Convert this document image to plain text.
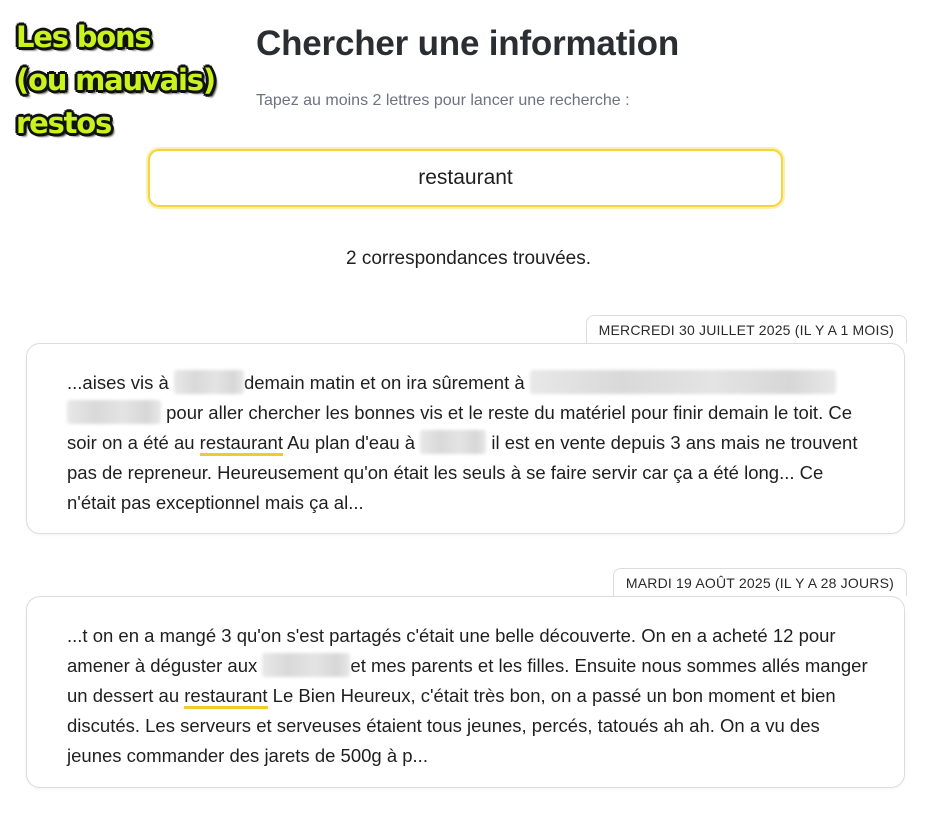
Les bons
(ou mauvais)
restos
Chercher une information
Tapez au moins 2 lettres pour lancer une recherche :
restaurant
2 correspondances trouvées.
MERCREDI 30 JUILLET 2025 (IL Y A 1 MOIS)
...aises vis à	demain matin et on ira sûrement à
pour aller chercher les bonnes vis et le reste du matériel pour finir demain le toit. Ce soir on a été au restaurant Au plan d'eau à	il est en vente depuis 3 ans mais ne trouvent pas de repreneur. Heureusement qu'on était les seuls à se faire servir car ça a été long... Ce n'était pas exceptionnel mais ça al...
MARDI 19 AOÛT 2025 (IL Y A 28 JOURS)
...t on en a mangé 3 qu'on s'est partagés c'était une belle découverte. On en a acheté 12 pour amener à déguster aux	et mes parents et les filles. Ensuite nous sommes allés manger un dessert au restaurant Le Bien Heureux, c'était très bon, on a passé un bon moment et bien discutés. Les serveurs et serveuses étaient tous jeunes, percés, tatoués ah ah. On a vu des jeunes commander des jarets de 500g à p...
